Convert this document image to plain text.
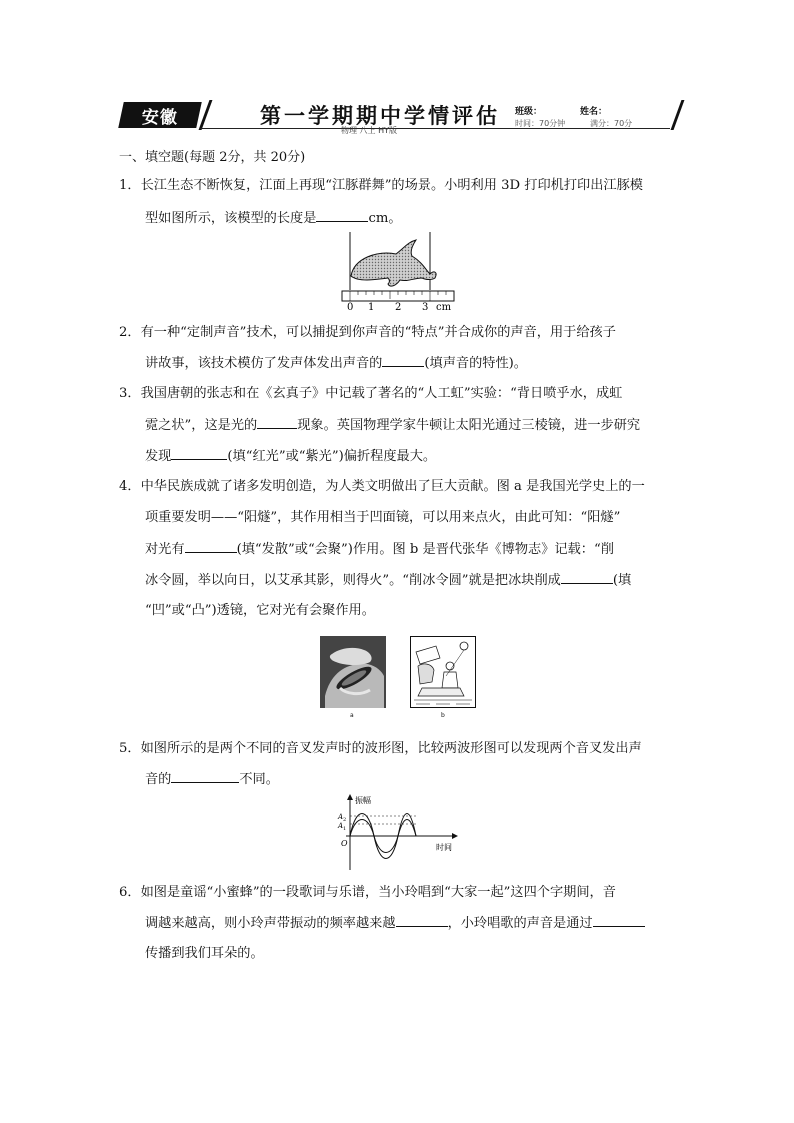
安徽	第一学期期中学情评估
物理 八上 HY版
班级：	姓名：
时间：70分钟	满分：70分
一、填空题(每题 2分，共 20分)
1．长江生态不断恢复，江面上再现“江豚群舞”的场景。小明利用 3D 打印机打印出江豚模
型如图所示，该模型的长度是	cm。
0 1 2 3 cm
2．有一种“定制声音”技术，可以捕捉到你声音的“特点”并合成你的声音，用于给孩子
讲故事，该技术模仿了发声体发出声音的	(填声音的特性)。
3．我国唐朝的张志和在《玄真子》中记载了著名的“人工虹”实验：“背日喷乎水，成虹
霓之状”，这是光的	现象。英国物理学家牛顿让太阳光通过三棱镜，进一步研究
发现	(填“红光”或“紫光”)偏折程度最大。
4．中华民族成就了诸多发明创造，为人类文明做出了巨大贡献。图 a 是我国光学史上的一
项重要发明——“阳燧”，其作用相当于凹面镜，可以用来点火，由此可知：“阳燧”
对光有	(填“发散”或“会聚”)作用。图 b 是晋代张华《博物志》记载：“削
冰令圆，举以向日，以艾承其影，则得火”。“削冰令圆”就是把冰块削成	(填
“凹”或“凸”)透镜，它对光有会聚作用。
a	b
5．如图所示的是两个不同的音叉发声时的波形图，比较两波形图可以发现两个音叉发出声
音的	不同。
振幅
时间
A 2
A 1
O
6．如图是童谣“小蜜蜂”的一段歌词与乐谱，当小玲唱到“大家一起”这四个字期间，音
调越来越高，则小玲声带振动的频率越来越	，小玲唱歌的声音是通过
传播到我们耳朵的。
